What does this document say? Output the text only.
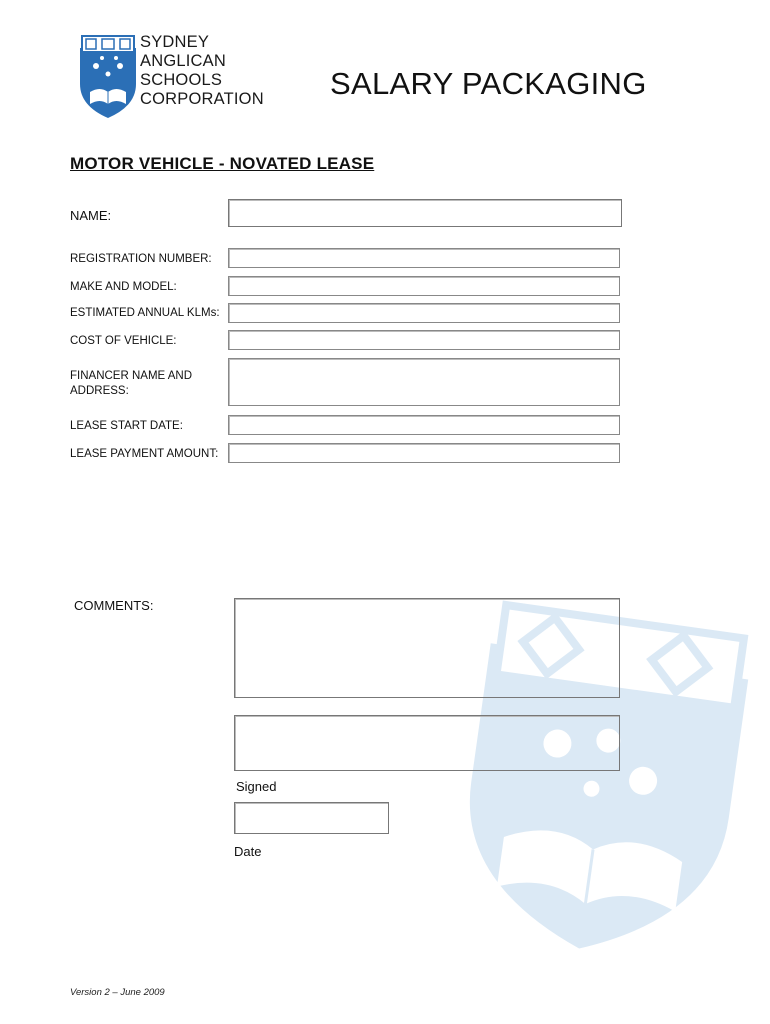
SYDNEY
ANGLICAN
SCHOOLS
CORPORATION SALARY PACKAGING
MOTOR VEHICLE - NOVATED LEASE
NAME:
REGISTRATION NUMBER:
MAKE AND MODEL:
ESTIMATED ANNUAL KLMs:
COST OF VEHICLE:
FINANCER NAME AND
ADDRESS:
LEASE START DATE:
LEASE PAYMENT AMOUNT:
COMMENTS:
Signed
Date
Version 2 – June 2009
